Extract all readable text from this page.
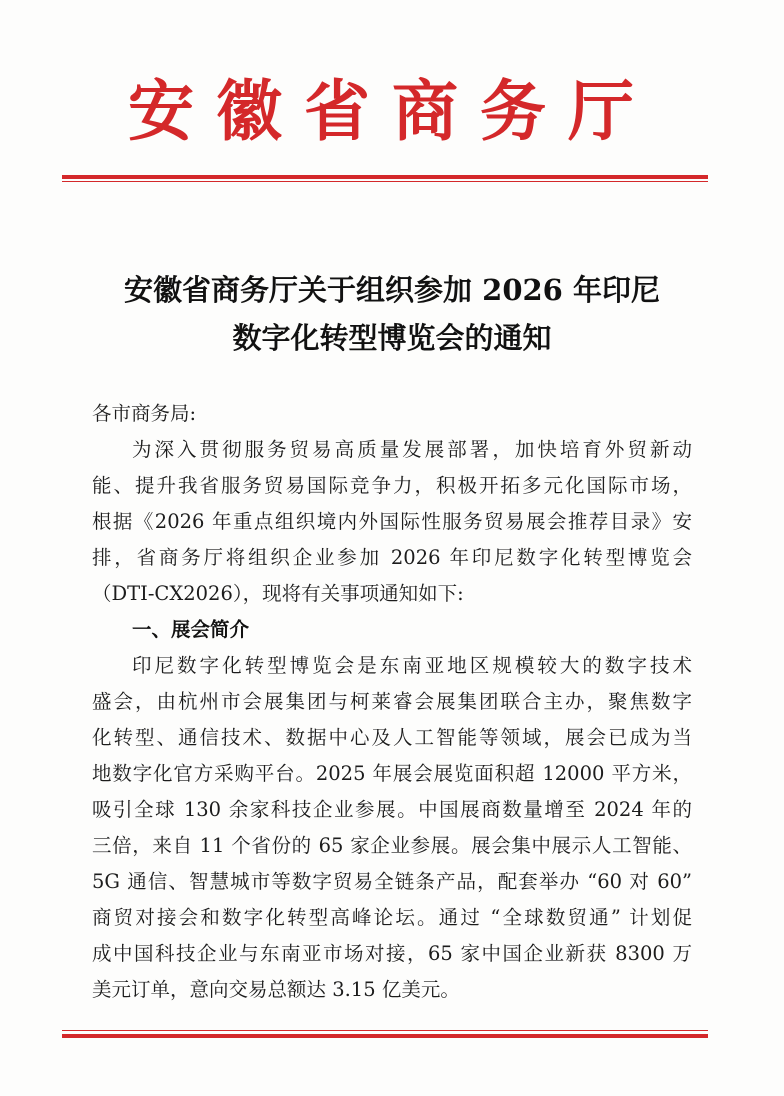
安徽省商务厅
安徽省商务厅关于组织参加 2026 年印尼
数字化转型博览会的通知
各市商务局:
为深入贯彻服务贸易高质量发展部署，加快培育外贸新动
能、提升我省服务贸易国际竞争力，积极开拓多元化国际市场，
根据《2026 年重点组织境内外国际性服务贸易展会推荐目录》安
排，省商务厅将组织企业参加 2026 年印尼数字化转型博览会
（DTI-CX2026），现将有关事项通知如下:
一、展会简介
印尼数字化转型博览会是东南亚地区规模较大的数字技术
盛会，由杭州市会展集团与柯莱睿会展集团联合主办，聚焦数字
化转型、通信技术、数据中心及人工智能等领域，展会已成为当
地数字化官方采购平台。2025 年展会展览面积超 12000 平方米，
吸引全球 130 余家科技企业参展。中国展商数量增至 2024 年的
三倍，来自 11 个省份的 65 家企业参展。展会集中展示人工智能、
5G 通信、智慧城市等数字贸易全链条产品，配套举办 “60 对 60”
商贸对接会和数字化转型高峰论坛。通过 “全球数贸通” 计划促
成中国科技企业与东南亚市场对接，65 家中国企业新获 8300 万
美元订单，意向交易总额达 3.15 亿美元。
